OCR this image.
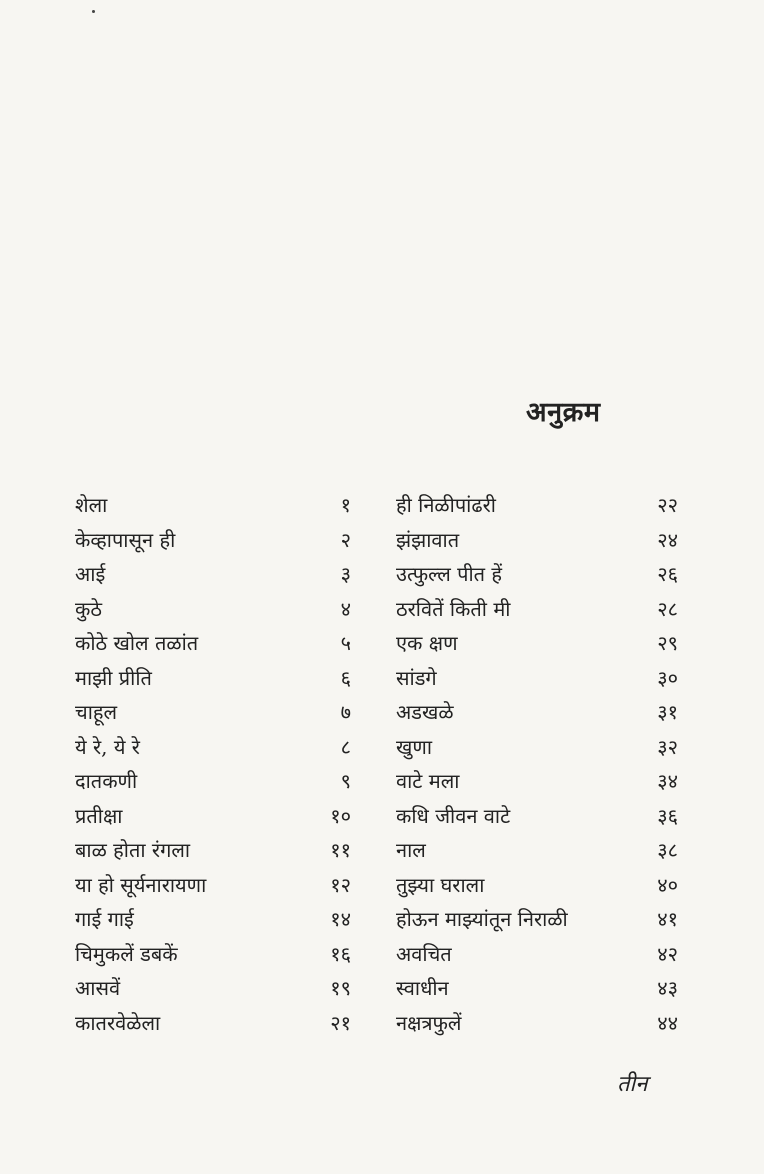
अनुक्रम
शेला	१
केव्हापासून ही	२
आई	३
कुठे	४
कोठे खोल तळांत	५
माझी प्रीति	६
चाहूल	७
ये रे, ये रे	८
दातकणी	९
प्रतीक्षा	१०
बाळ होता रंगला	११
या हो सूर्यनारायणा	१२
गाई गाई	१४
चिमुकलें डबकें	१६
आसवें	१९
कातरवेळेला	२१
ही निळीपांढरी	२२
झंझावात	२४
उत्फुल्ल पीत हें	२६
ठरवितें किती मी	२८
एक क्षण	२९
सांडगे	३०
अडखळे	३१
खुणा	३२
वाटे मला	३४
कधि जीवन वाटे	३६
नाल	३८
तुझ्या घराला	४०
होऊन माझ्यांतून निराळी	४१
अवचित	४२
स्वाधीन	४३
नक्षत्रफुलें	४४
तीन
